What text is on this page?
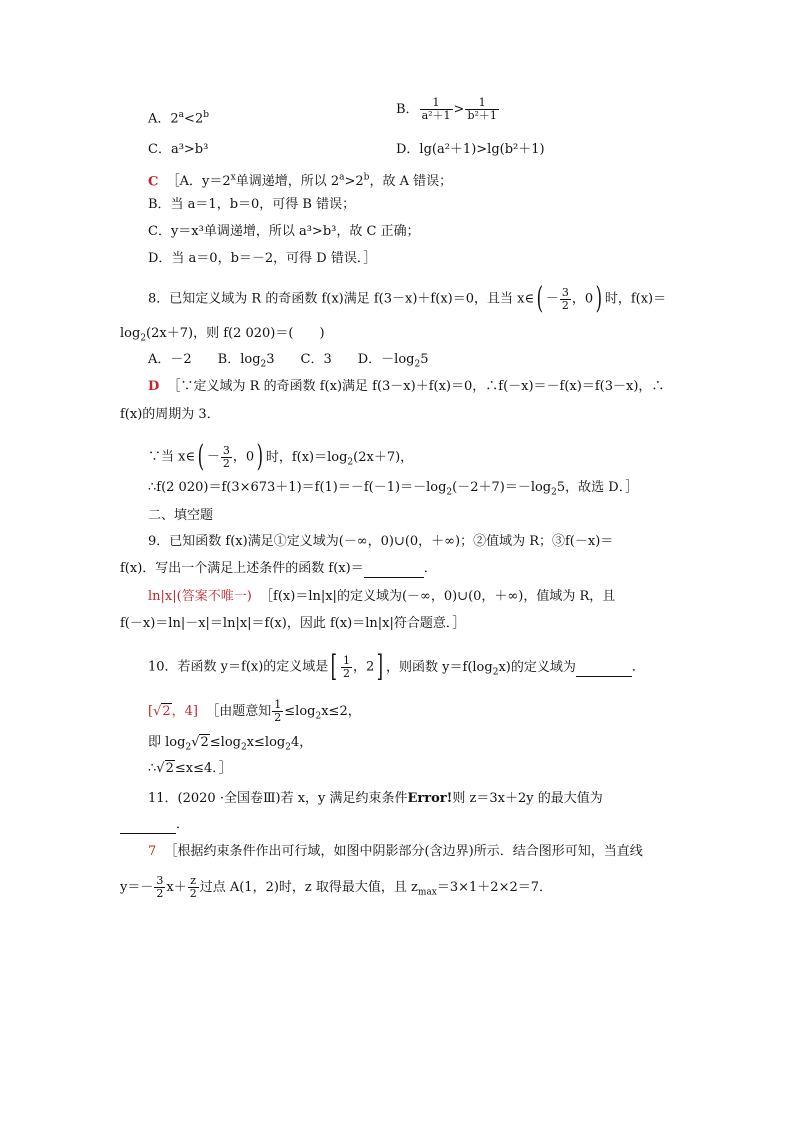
A．$2^a<2^b$	B． $\frac{1}{\text{a²＋1}} > \frac{1}{\text{b²＋1}}$
C．a³>b³	D．lg(a²＋1)>lg(b²＋1)
C ［A．$y=2^x$单调递增，所以 $2^a>2^b$，故 A 错误；
B．当 a＝1，b＝0，可得 B 错误；
C．y＝x³单调递增，所以 a³>b³，故 C 正确；
D．当 a＝0，b＝－2，可得 D 错误．］
8．已知定义域为 R 的奇函数 f(x)满足 f(3－x)＋f(x)＝0，且当 x∈( － $\frac{3}{2}$ ，0) 时，f(x)＝
$\log_2(2x+7)$，则 f(2 020)＝(　　)
A．－2　　B．$\log_23$　　C．3　　D．$-\log_25$
D ［∵定义域为 R 的奇函数 f(x)满足 f(3－x)＋f(x)＝0，∴f(－x)＝－f(x)＝f(3－x)，∴
f(x)的周期为 3．
∵当 x∈( － $\frac{3}{2}$ ，0) 时，$f(x)=\log_2(2x+7)$，
∴f(2 $020)=f(3\times 673+1)=f(1)=-f(-1)=-\log_2(-2+7)=-\log_25$，故选 D．］
二、填空题
9．已知函数 f(x)满足①定义域为(－∞，0)∪(0，＋∞)；②值域为 R；③f(－x)＝
f(x)．写出一个满足上述条件的函数 f(x)＝	．
ln|x|(答案不唯一) ［f(x)＝ln|x|的定义域为(－∞，0)∪(0，＋∞)，值域为 R，且
f(－x)＝ln|－x|＝ln|x|＝f(x)，因此 f(x)＝ln|x|符合题意．］
10．若函数 y＝f(x)的定义域是[ $\frac{1}{2}$ ，2] ，则函数 $y=f(\log_2x)$的定义域为	．
[√2，4] ［由题意知 $\frac{1}{2} \le\log_2x\le 2$，
即 $\log_2√2\le\log_2x\le\log_24$，
∴√2≤x≤4．］
11．(2020 ·全国卷Ⅲ)若 x，y 满足约束条件Error!则 z＝3x＋2y 的最大值为
．
7 ［根据约束条件作出可行域，如图中阴影部分(含边界)所示．结合图形可知，当直线
$y=- \frac{3}{2} x+ \frac{z}{2}$ 过点 A(1，2)时，z 取得最大值，且 $z_{max}=3\times 1+2\times 2=7$．
